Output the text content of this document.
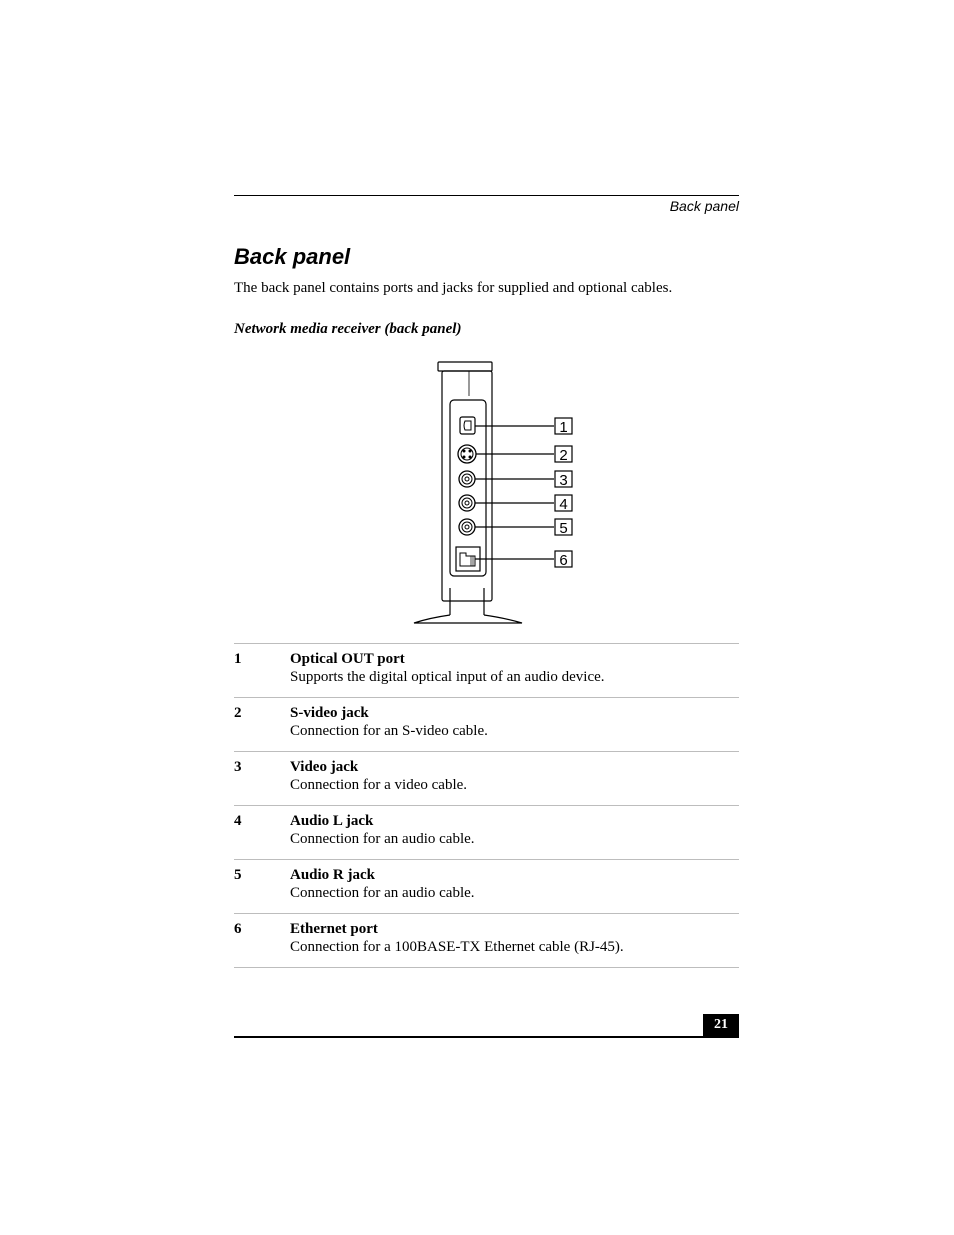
Back panel
Back panel
The back panel contains ports and jacks for supplied and optional cables.
Network media receiver (back panel)
1
2
3
4
5
6
1	Optical OUT port
Supports the digital optical input of an audio device.
2	S-video jack
Connection for an S-video cable.
3	Video jack
Connection for a video cable.
4	Audio L jack
Connection for an audio cable.
5	Audio R jack
Connection for an audio cable.
6	Ethernet port
Connection for a 100BASE-TX Ethernet cable (RJ-45).
21
